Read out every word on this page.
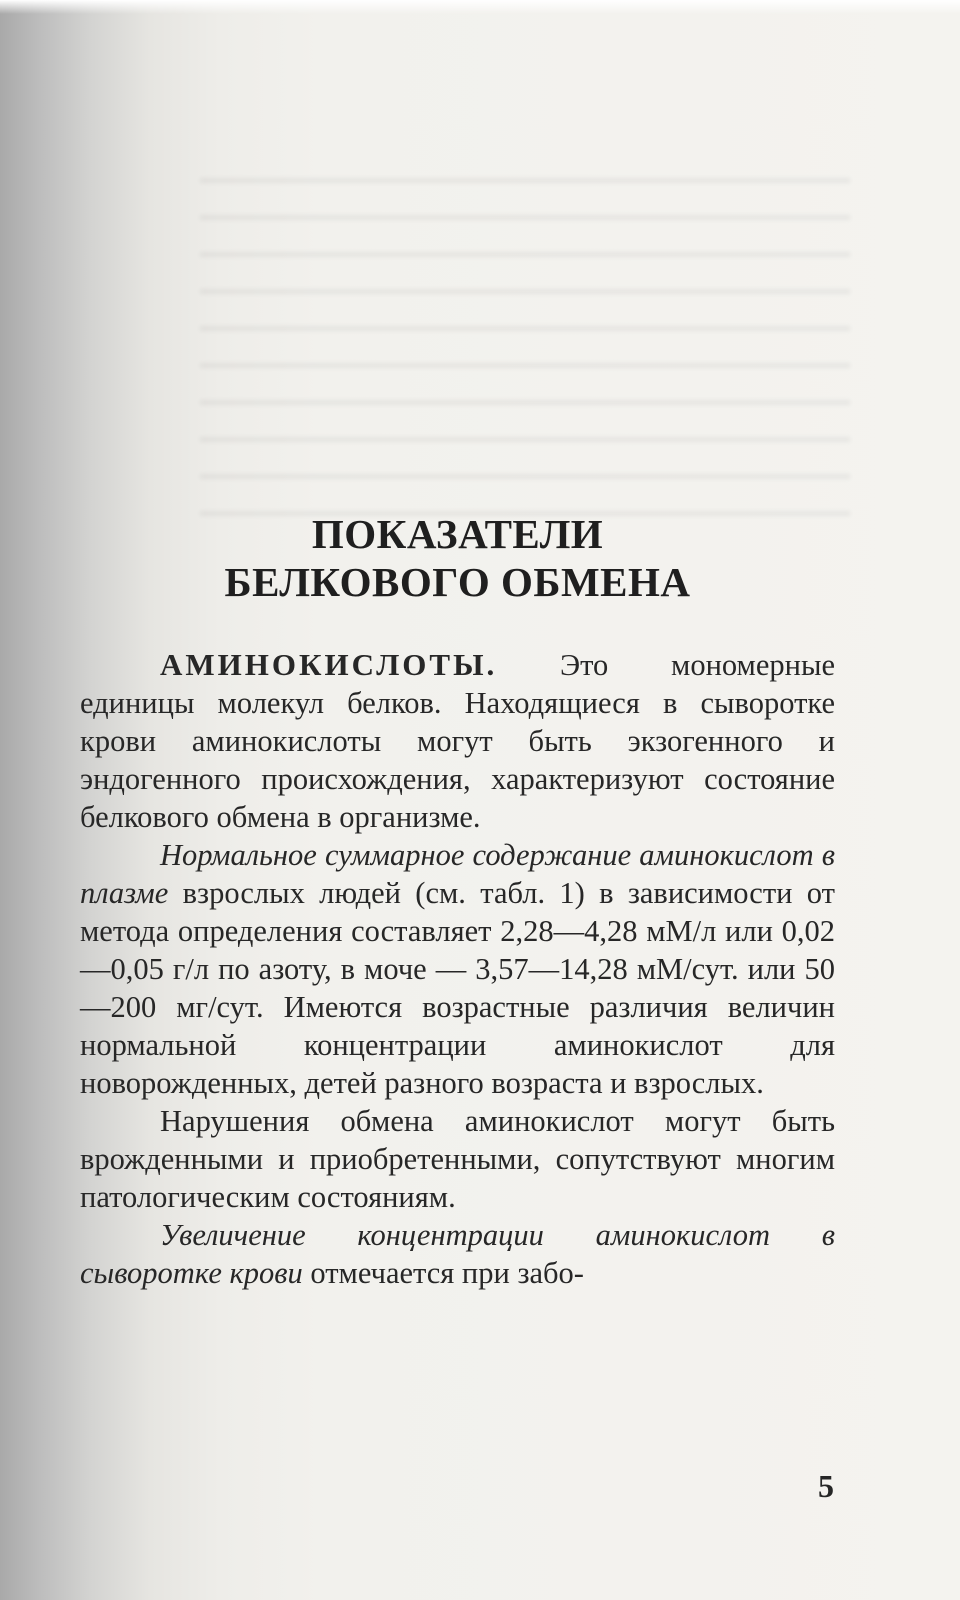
ПОКАЗАТЕЛИ
БЕЛКОВОГО ОБМЕНА

АМИНОКИСЛОТЫ. Это мономерные единицы молекул белков. Находящиеся в сыворотке крови аминокислоты могут быть экзогенного и эндогенного происхождения, характеризуют состояние белкового обмена в организме.

Нормальное суммарное содержание аминокислот в плазме взрослых людей (см. табл. 1) в зависимости от метода определения составляет 2,28—4,28 мМ/л или 0,02—0,05 г/л по азоту, в моче — 3,57—14,28 мМ/сут. или 50—200 мг/сут. Имеются возрастные различия величин нормальной концентрации аминокислот для новорожденных, детей разного возраста и взрослых.

Нарушения обмена аминокислот могут быть врожденными и приобретенными, сопутствуют многим патологическим состояниям.

Увеличение концентрации аминокислот в сыворотке крови отмечается при забо-

5
